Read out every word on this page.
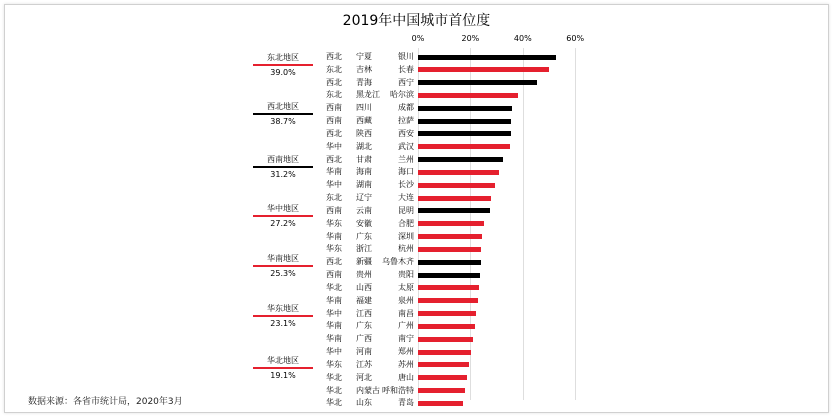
2019年中国城市首位度
0%	20%	40%	60%
西北 宁夏	银川
东北 吉林	长春
西北 青海	西宁
东北 黑龙江	哈尔滨
西南 四川	成都
西南 西藏	拉萨
西北 陕西	西安
华中 湖北	武汉
西北 甘肃	兰州
华南 海南	海口
华中 湖南	长沙
东北 辽宁	大连
西南 云南	昆明
华东 安徽	合肥
华南 广东	深圳
华东 浙江	杭州
西北 新疆	乌鲁木齐
西南 贵州	贵阳
华北 山西	太原
华南 福建	泉州
华中 江西	南昌
华南 广东	广州
华南 广西	南宁
华中 河南	郑州
华东 江苏	苏州
华北 河北	唐山
华北 内蒙古 呼和浩特
华北 山东	青岛
东北地区
39.0%
西北地区
38.7%
西南地区
31.2%
华中地区
27.2%
华南地区
25.3%
华东地区
23.1%
华北地区
19.1%
数据来源：各省市统计局，2020年3月
